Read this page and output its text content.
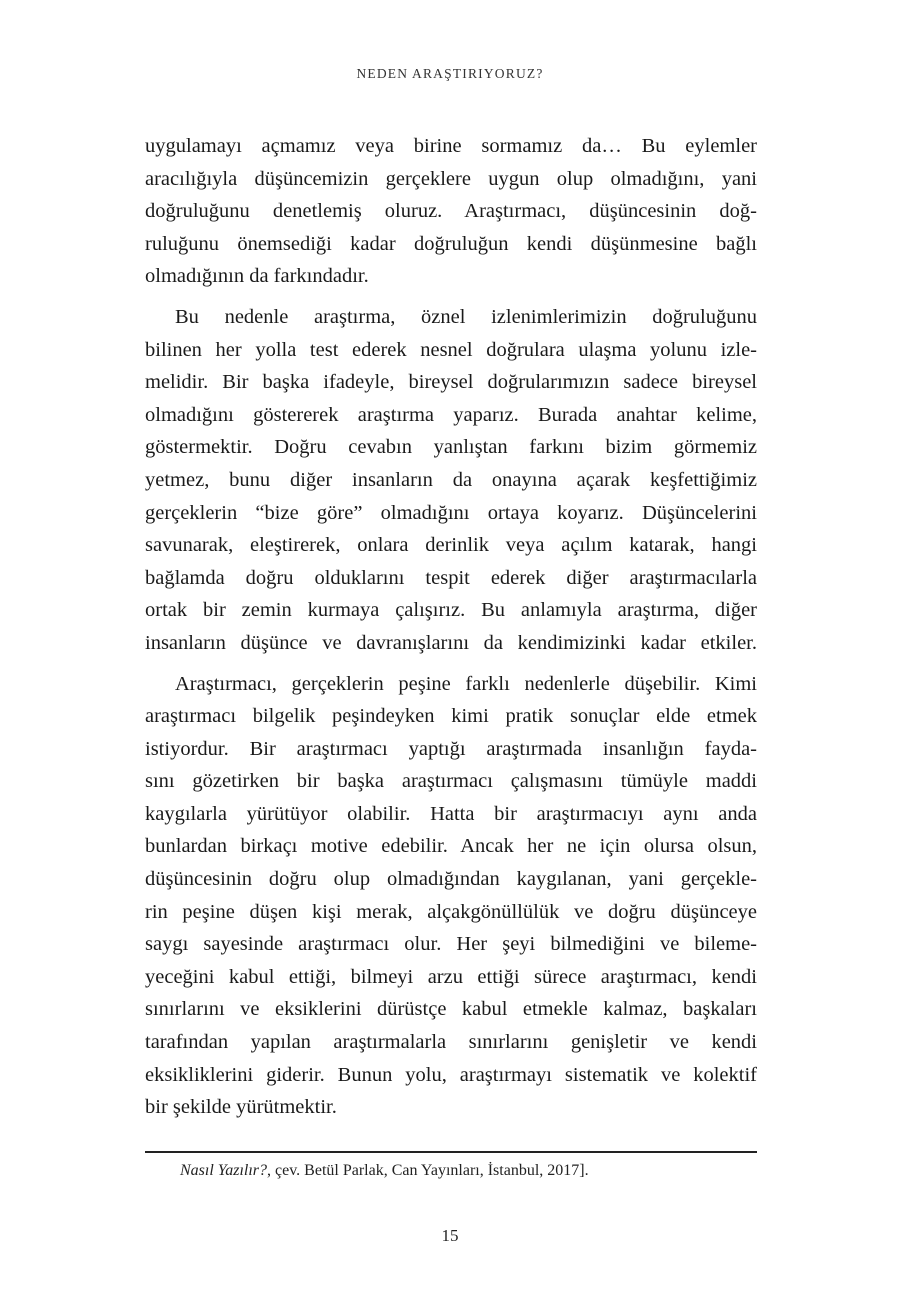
NEDEN ARAŞTIRIYORUZ?

uygulamayı açmamız veya birine sormamız da… Bu eylemler
aracılığıyla düşüncemizin gerçeklere uygun olup olmadığını, yani
doğruluğunu denetlemiş oluruz. Araştırmacı, düşüncesinin doğ-
ruluğunu önemsediği kadar doğruluğun kendi düşünmesine bağlı
olmadığının da farkındadır.

Bu nedenle araştırma, öznel izlenimlerimizin doğruluğunu
bilinen her yolla test ederek nesnel doğrulara ulaşma yolunu izle-
melidir. Bir başka ifadeyle, bireysel doğrularımızın sadece bireysel
olmadığını göstererek araştırma yaparız. Burada anahtar kelime,
göstermektir. Doğru cevabın yanlıştan farkını bizim görmemiz
yetmez, bunu diğer insanların da onayına açarak keşfettiğimiz
gerçeklerin “bize göre” olmadığını ortaya koyarız. Düşüncelerini
savunarak, eleştirerek, onlara derinlik veya açılım katarak, hangi
bağlamda doğru olduklarını tespit ederek diğer araştırmacılarla
ortak bir zemin kurmaya çalışırız. Bu anlamıyla araştırma, diğer
insanların düşünce ve davranışlarını da kendimizinki kadar etkiler.

Araştırmacı, gerçeklerin peşine farklı nedenlerle düşebilir. Kimi
araştırmacı bilgelik peşindeyken kimi pratik sonuçlar elde etmek
istiyordur. Bir araştırmacı yaptığı araştırmada insanlığın fayda-
sını gözetirken bir başka araştırmacı çalışmasını tümüyle maddi
kaygılarla yürütüyor olabilir. Hatta bir araştırmacıyı aynı anda
bunlardan birkaçı motive edebilir. Ancak her ne için olursa olsun,
düşüncesinin doğru olup olmadığından kaygılanan, yani gerçekle-
rin peşine düşen kişi merak, alçakgönüllülük ve doğru düşünceye
saygı sayesinde araştırmacı olur. Her şeyi bilmediğini ve bileme-
yeceğini kabul ettiği, bilmeyi arzu ettiği sürece araştırmacı, kendi
sınırlarını ve eksiklerini dürüstçe kabul etmekle kalmaz, başkaları
tarafından yapılan araştırmalarla sınırlarını genişletir ve kendi
eksikliklerini giderir. Bunun yolu, araştırmayı sistematik ve kolektif
bir şekilde yürütmektir.

Nasıl Yazılır?, çev. Betül Parlak, Can Yayınları, İstanbul, 2017].
15
